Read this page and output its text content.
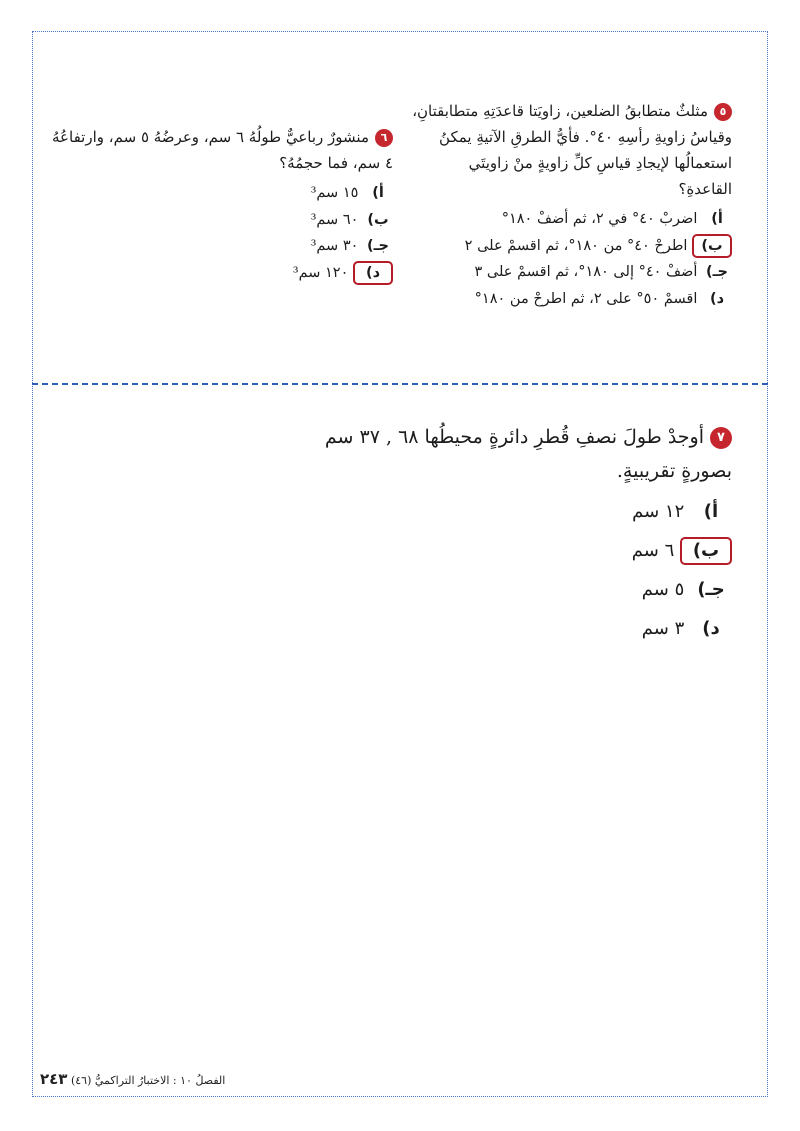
٥مثلثٌ متطابقُ الضلعين، زاويَتا قاعدَتِهِ متطابقتانِ،
وقياسُ زاويةِ رأسِهِ ٤٠°. فأيُّ الطرقِ الآتيةِ يمكنُ
استعمالُها لإيجادِ قياسِ كلِّ زاويةٍ منْ زاويتَي
القاعدةِ؟
أ) اضربْ ٤٠° في ٢، ثم أضفْ ١٨٠°
ب) اطرحْ ٤٠° من ١٨٠°، ثم اقسمْ على ٢
جـ) أضفْ ٤٠° إلى ١٨٠°، ثم اقسمْ على ٣
د) اقسمْ ٥٠° على ٢، ثم اطرحْ من ١٨٠°
٦منشورٌ رباعيٌّ طولُهُ ٦ سم، وعرضُهُ ٥ سم، وارتفاعُهُ
٤ سم، فما حجمُهُ؟
أ) ١٥ سم³
ب) ٦٠ سم³
جـ) ٣٠ سم³
د) ١٢٠ سم³
٧أوجدْ طولَ نصفِ قُطرِ دائرةٍ محيطُها ٦٨ , ٣٧ سم
بصورةٍ تقريبيةٍ.
أ) ١٢ سم
ب) ٦ سم
جـ) ٥ سم
د) ٣ سم
الفصلُ ١٠ : الاختبارُ التراكميُّ (٤٦) ٢٤٣
